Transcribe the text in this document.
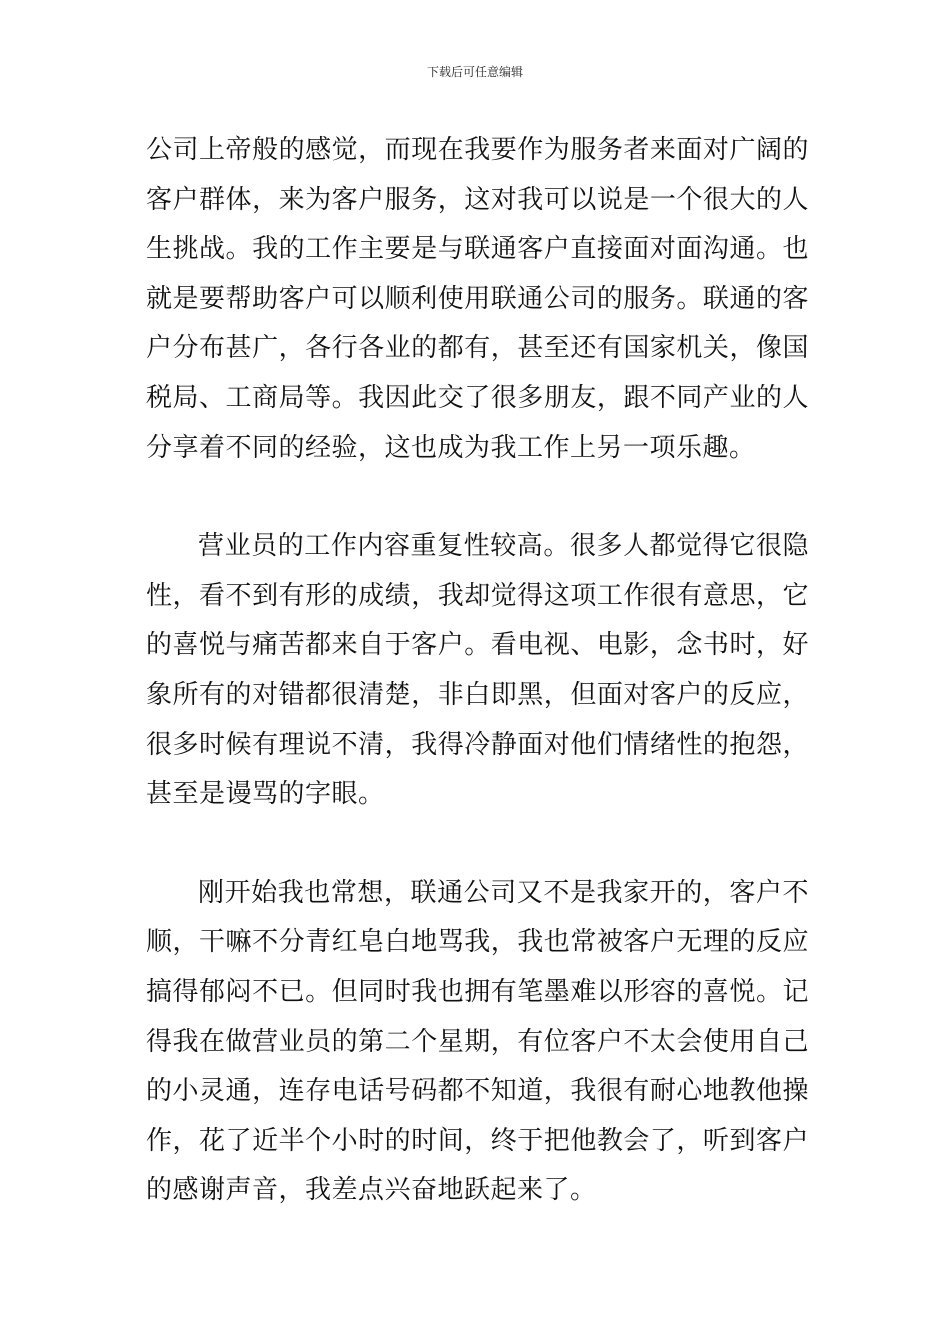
下载后可任意编辑

公司上帝般的感觉，而现在我要作为服务者来面对广阔的客户群体，来为客户服务，这对我可以说是一个很大的人生挑战。我的工作主要是与联通客户直接面对面沟通。也就是要帮助客户可以顺利使用联通公司的服务。联通的客户分布甚广，各行各业的都有，甚至还有国家机关，像国税局、工商局等。我因此交了很多朋友，跟不同产业的人分享着不同的经验，这也成为我工作上另一项乐趣。

营业员的工作内容重复性较高。很多人都觉得它很隐性，看不到有形的成绩，我却觉得这项工作很有意思，它的喜悦与痛苦都来自于客户。看电视、电影，念书时，好象所有的对错都很清楚，非白即黑，但面对客户的反应，很多时候有理说不清，我得冷静面对他们情绪性的抱怨，甚至是谩骂的字眼。

刚开始我也常想，联通公司又不是我家开的，客户不顺，干嘛不分青红皂白地骂我，我也常被客户无理的反应搞得郁闷不已。但同时我也拥有笔墨难以形容的喜悦。记得我在做营业员的第二个星期，有位客户不太会使用自己的小灵通，连存电话号码都不知道，我很有耐心地教他操作，花了近半个小时的时间，终于把他教会了，听到客户的感谢声音，我差点兴奋地跃起来了。
